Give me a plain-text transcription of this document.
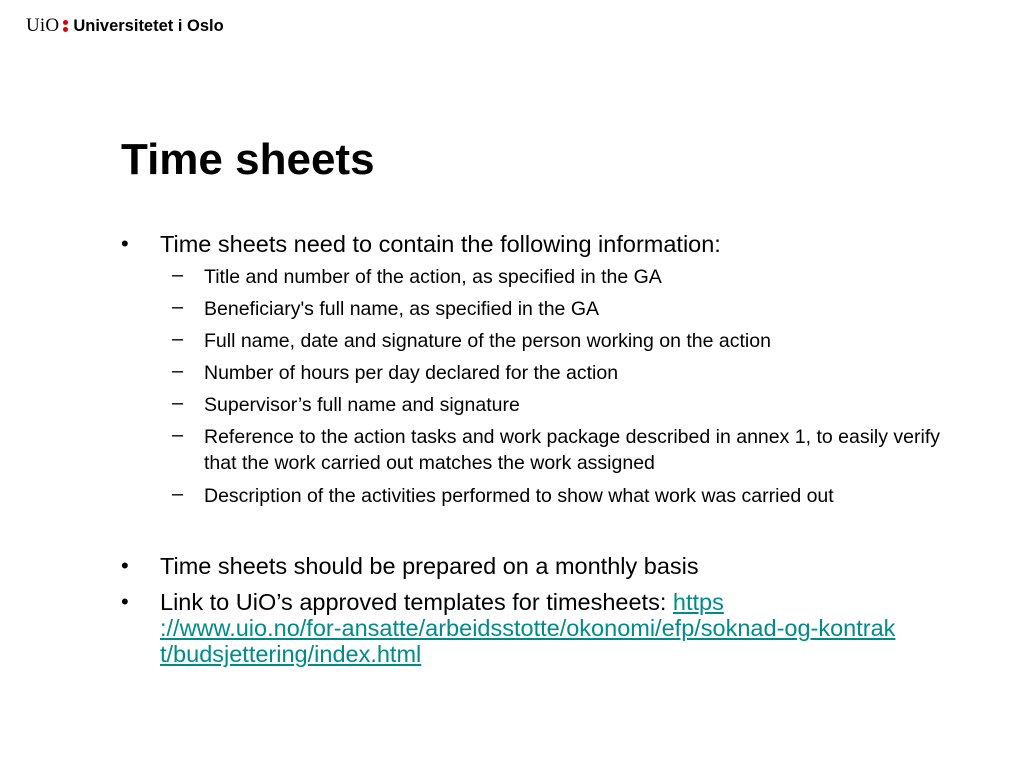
UiO Universitetet i Oslo
Time sheets
• Time sheets need to contain the following information:
– Title and number of the action, as specified in the GA
– Beneficiary's full name, as specified in the GA
– Full name, date and signature of the person working on the action
– Number of hours per day declared for the action
– Supervisor’s full name and signature
– Reference to the action tasks and work package described in annex 1, to easily verify that the work carried out matches the work assigned
– Description of the activities performed to show what work was carried out
• Time sheets should be prepared on a monthly basis
• Link to UiO’s approved templates for timesheets: https
://www.uio.no/for-ansatte/arbeidsstotte/okonomi/efp/soknad-og-kontrak
t/budsjettering/index.html
